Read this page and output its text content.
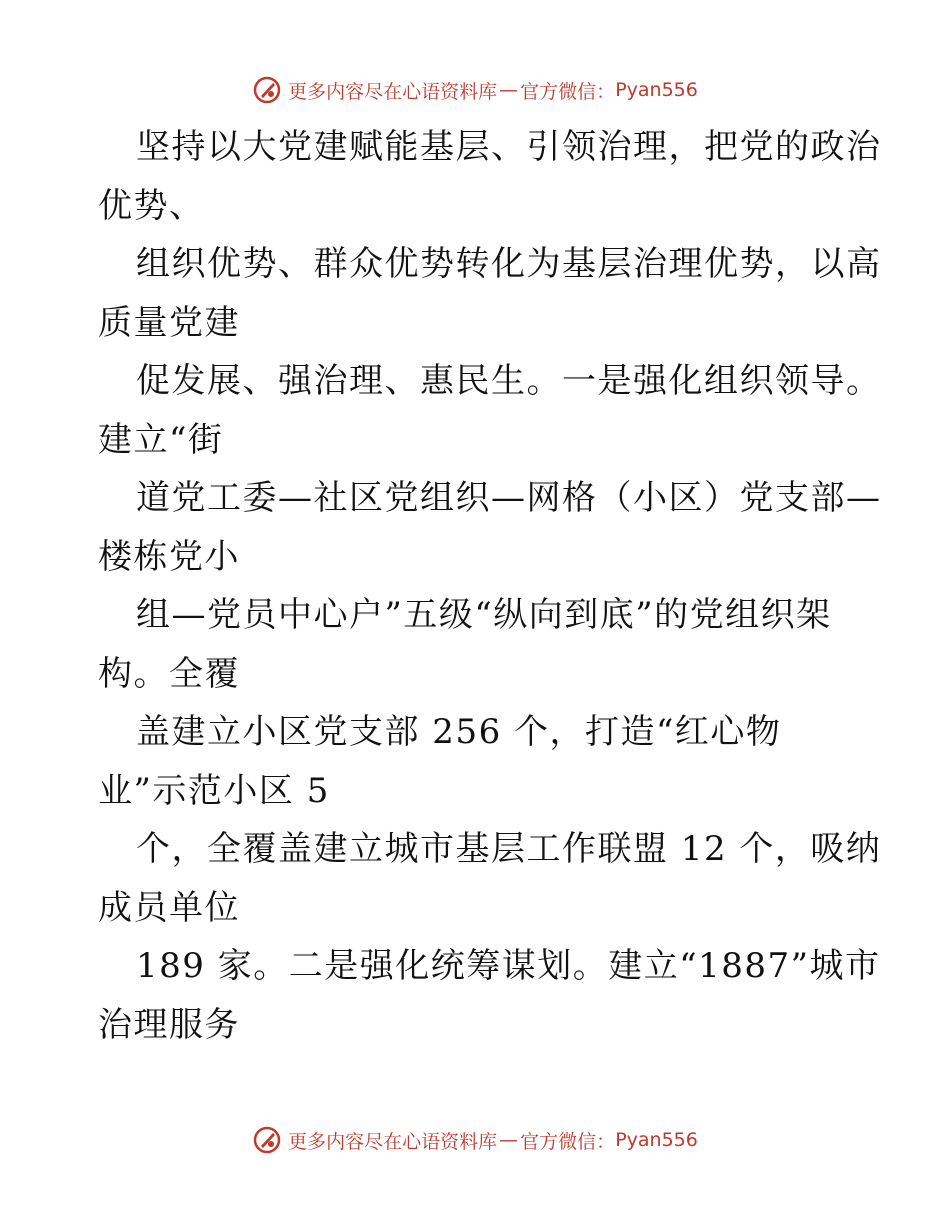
更多内容尽在心语资料库 — 官方微信： Pyan556
坚持以大党建赋能基层、引领治理，把党的政治
优势、
组织优势、群众优势转化为基层治理优势，以高
质量党建
促发展、强治理、惠民生。一是强化组织领导。
建立“街
道党工委—社区党组织—网格（小区）党支部—
楼栋党小
组—党员中心户”五级“纵向到底”的党组织架
构。全覆
盖建立小区党支部 256 个，打造“红心物
业”示范小区 5
个，全覆盖建立城市基层工作联盟 12 个，吸纳
成员单位
189 家。二是强化统筹谋划。建立“1887”城市
治理服务
更多内容尽在心语资料库 — 官方微信： Pyan556
